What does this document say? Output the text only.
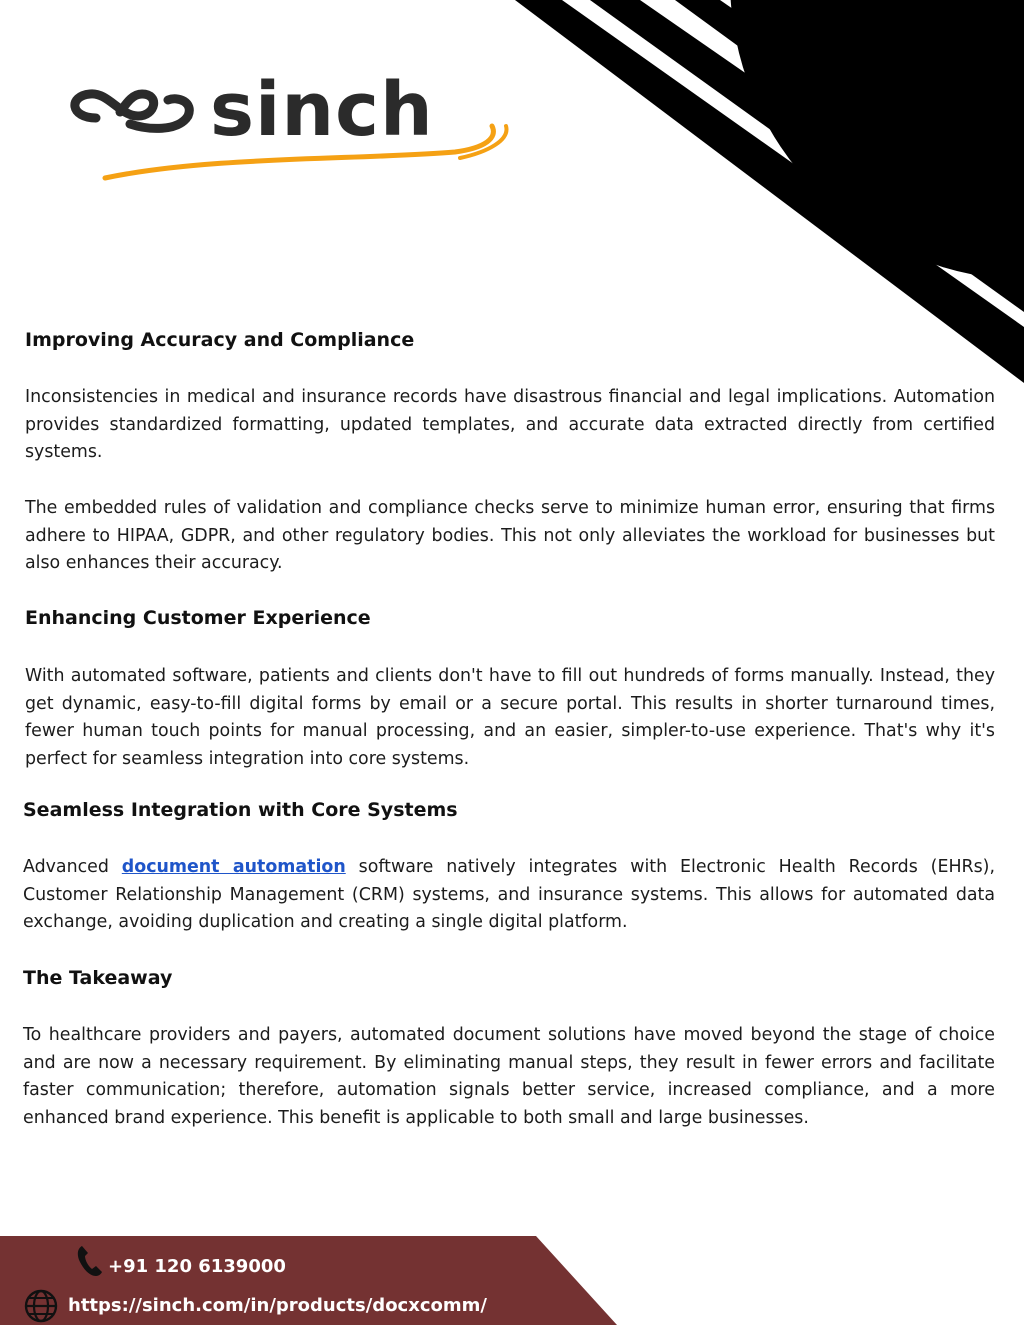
sinch
Improving Accuracy and Compliance

Inconsistencies in medical and insurance records have disastrous financial and legal implications. Automation provides standardized formatting, updated templates, and accurate data extracted directly from certified systems.

The embedded rules of validation and compliance checks serve to minimize human error, ensuring that firms adhere to HIPAA, GDPR, and other regulatory bodies. This not only alleviates the workload for businesses but also enhances their accuracy.

Enhancing Customer Experience

With automated software, patients and clients don't have to fill out hundreds of forms manually. Instead, they get dynamic, easy-to-fill digital forms by email or a secure portal. This results in shorter turnaround times, fewer human touch points for manual processing, and an easier, simpler-to-use experience. That's why it's perfect for seamless integration into core systems.

Seamless Integration with Core Systems

Advanced document automation software natively integrates with Electronic Health Records (EHRs), Customer Relationship Management (CRM) systems, and insurance systems. This allows for automated data exchange, avoiding duplication and creating a single digital platform.

The Takeaway

To healthcare providers and payers, automated document solutions have moved beyond the stage of choice and are now a necessary requirement. By eliminating manual steps, they result in fewer errors and facilitate faster communication; therefore, automation signals better service, increased compliance, and a more enhanced brand experience. This benefit is applicable to both small and large businesses.

+91 120 6139000
https://sinch.com/in/products/docxcomm/
